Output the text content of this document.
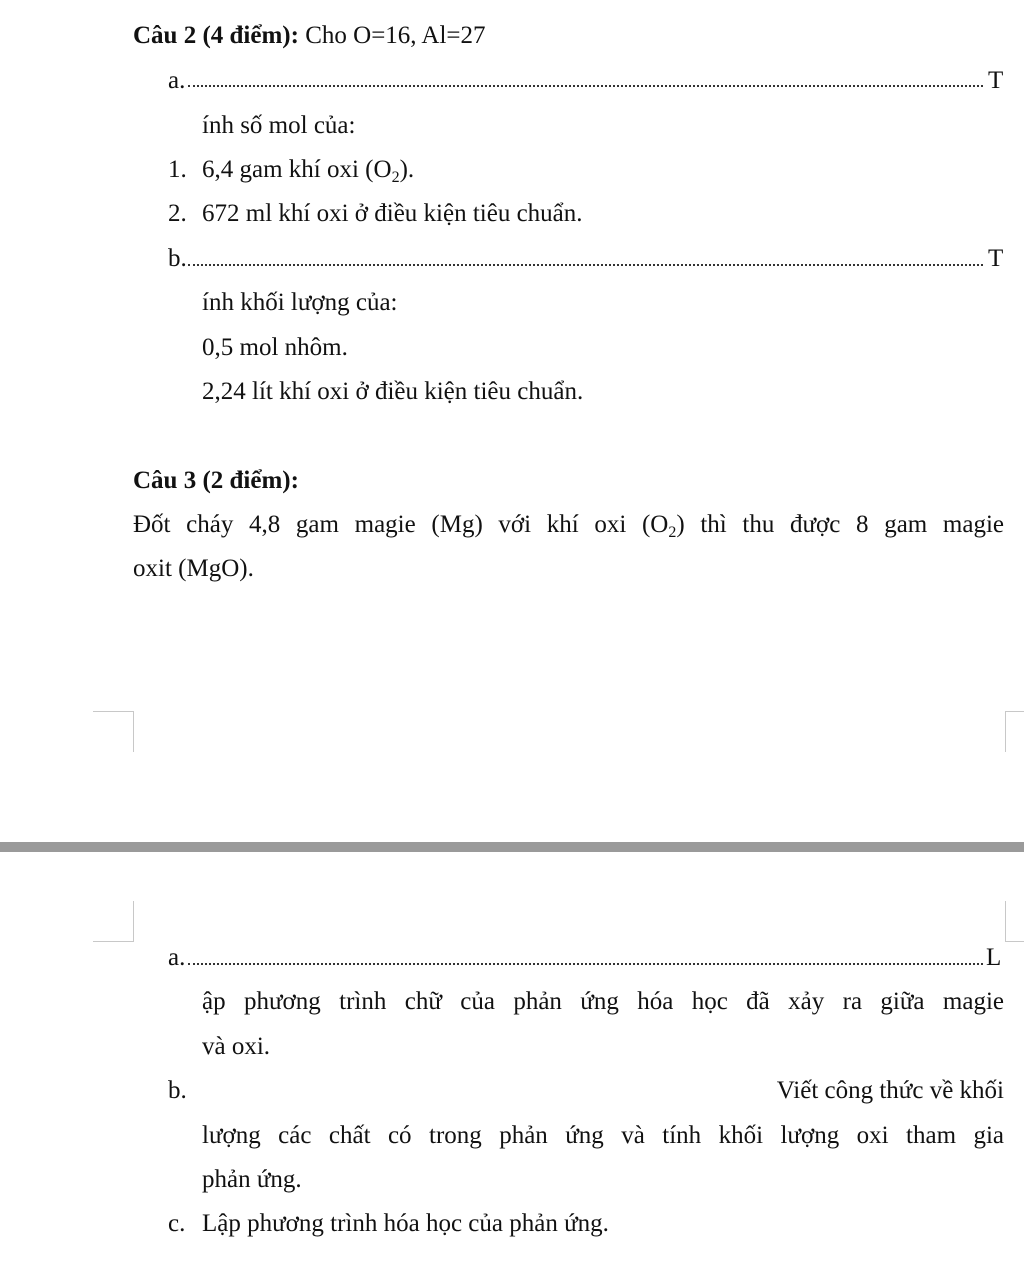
Câu 2 (4 điểm): Cho O=16, Al=27
a.	T
ính số mol của:
1. 6,4 gam khí oxi $(O_2)$.
2. 672 ml khí oxi ở điều kiện tiêu chuẩn.
b.	T
ính khối lượng của:
0,5 mol nhôm.
2,24 lít khí oxi ở điều kiện tiêu chuẩn.
Câu 3 (2 điểm):
Đốt cháy 4,8 gam magie (Mg) với khí oxi $(O_2)$ thì thu được 8 gam magie
oxit (MgO).
a.	L
ập phương trình chữ của phản ứng hóa học đã xảy ra giữa magie
và oxi.
b.	Viết công thức về khối
lượng các chất có trong phản ứng và tính khối lượng oxi tham gia
phản ứng.
c. Lập phương trình hóa học của phản ứng.
